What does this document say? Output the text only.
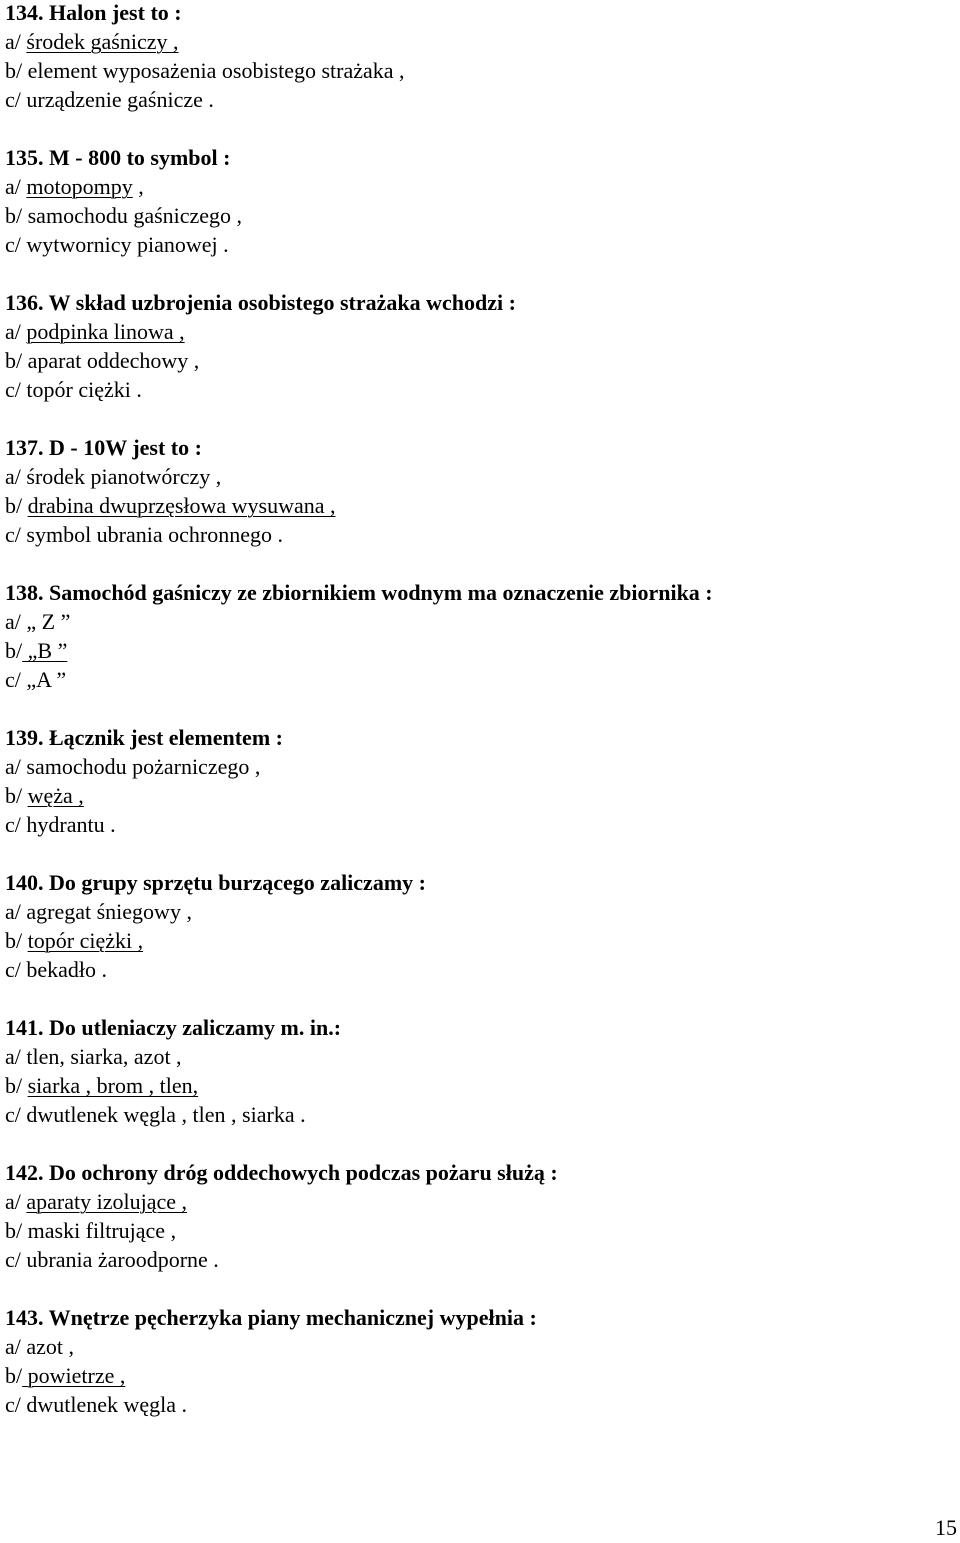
134. Halon jest to :
a/ środek gaśniczy ,
b/ element wyposażenia osobistego strażaka ,
c/ urządzenie gaśnicze .
135. M - 800 to symbol :
a/ motopompy ,
b/ samochodu gaśniczego ,
c/ wytwornicy pianowej .
136. W skład uzbrojenia osobistego strażaka wchodzi :
a/ podpinka linowa ,
b/ aparat oddechowy ,
c/ topór ciężki .
137. D - 10W jest to :
a/ środek pianotwórczy ,
b/ drabina dwuprzęsłowa wysuwana ,
c/ symbol ubrania ochronnego .
138. Samochód gaśniczy ze zbiornikiem wodnym ma oznaczenie zbiornika :
a/ „ Z ”
b/ „B ”
c/ „A ”
139. Łącznik jest elementem :
a/ samochodu pożarniczego ,
b/ węża ,
c/ hydrantu .
140. Do grupy sprzętu burzącego zaliczamy :
a/ agregat śniegowy ,
b/ topór ciężki ,
c/ bekadło .
141. Do utleniaczy zaliczamy m. in.:
a/ tlen, siarka, azot ,
b/ siarka , brom , tlen,
c/ dwutlenek węgla , tlen , siarka .
142. Do ochrony dróg oddechowych podczas pożaru służą :
a/ aparaty izolujące ,
b/ maski filtrujące ,
c/ ubrania żaroodporne .
143. Wnętrze pęcherzyka piany mechanicznej wypełnia :
a/ azot ,
b/ powietrze ,
c/ dwutlenek węgla .
15
